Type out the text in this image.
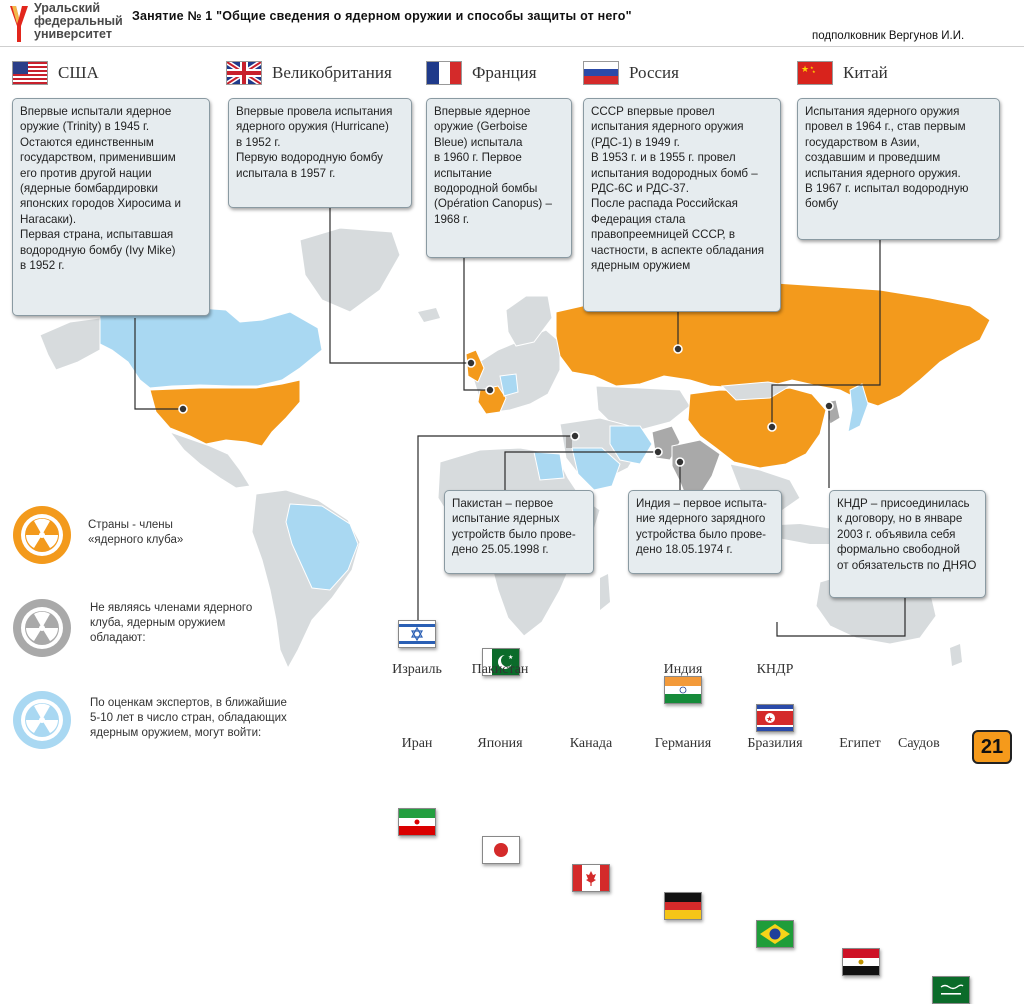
Уральский
федеральный
университет
Занятие № 1 "Общие сведения о ядерном оружии и способы защиты от него"
подполковник Вергунов И.И.
США	Великобритания	Франция	Россия	★ ★
★ Китай
Впервые испытали ядерное
оружие (Trinity) в 1945 г.
Остаются единственным
государством, применившим
его против другой нации
(ядерные бомбардировки
японских городов Хиросима и
Нагасаки).
Первая страна, испытавшая
водородную бомбу (Ivy Mike)
в 1952 г.
Впервые провела испытания
ядерного оружия (Hurricane)
в 1952 г.
Первую водородную бомбу
испытала в 1957 г.
Впервые ядерное
оружие (Gerboise
Bleue) испытала
в 1960 г. Первое
испытание
водородной бомбы
(Opération Canopus) –
1968 г.
СССР впервые провел
испытания ядерного оружия
(РДС-1) в 1949 г.
В 1953 г. и в 1955 г. провел
испытания водородных бомб –
РДС-6С и РДС-37.
После распада Российская
Федерация стала
правопреемницей СССР, в
частности, в аспекте обладания
ядерным оружием
Испытания ядерного оружия
провел в 1964 г., став первым
государством в Азии,
создавшим и проведшим
испытания ядерного оружия.
В 1967 г. испытал водородную
бомбу
Пакистан – первое
испытание ядерных
устройств было прове-
дено 25.05.1998 г.
Индия – первое испыта-
ние ядерного зарядного
устройства было прове-
дено 18.05.1974 г.
КНДР – присоединилась
к договору, но в январе
2003 г. объявила себя
формально свободной
от обязательств по ДНЯО
Страны - члены
«ядерного клуба»
Не являясь членами ядерного
клуба, ядерным оружием
обладают:
По оценкам экспертов, в ближайшие
5-10 лет в число стран, обладающих
ядерным оружием, могут войти:
Израиль
★
Пакистан	Индия
★
КНДР
Иран	Япония	Канада	Германия	Бразилия	Египет	Саудов	21
